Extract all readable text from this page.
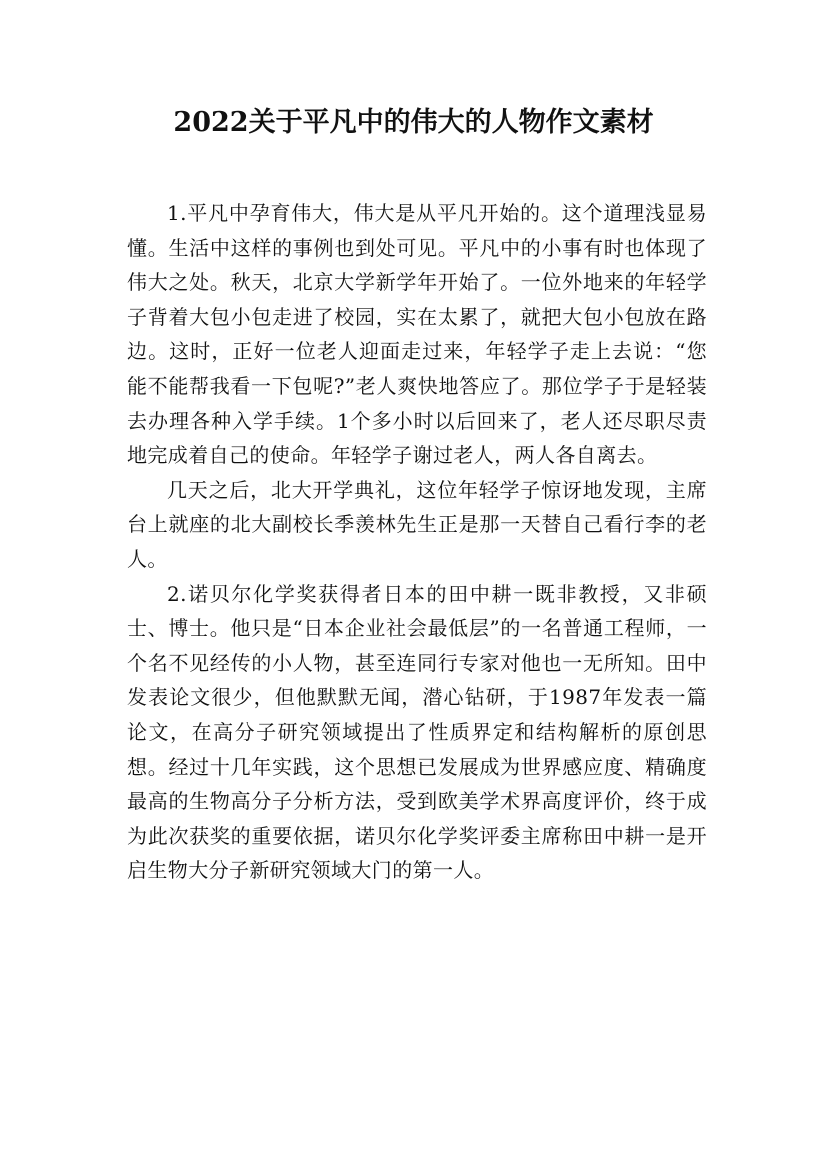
2022关于平凡中的伟大的人物作文素材

1.平凡中孕育伟大，伟大是从平凡开始的。这个道理浅显易懂。生活中这样的事例也到处可见。平凡中的小事有时也体现了伟大之处。秋天，北京大学新学年开始了。一位外地来的年轻学子背着大包小包走进了校园，实在太累了，就把大包小包放在路边。这时，正好一位老人迎面走过来，年轻学子走上去说：“您能不能帮我看一下包呢?”老人爽快地答应了。那位学子于是轻装去办理各种入学手续。1个多小时以后回来了，老人还尽职尽责地完成着自己的使命。年轻学子谢过老人，两人各自离去。

几天之后，北大开学典礼，这位年轻学子惊讶地发现，主席台上就座的北大副校长季羡林先生正是那一天替自己看行李的老人。

2.诺贝尔化学奖获得者日本的田中耕一既非教授，又非硕士、博士。他只是“日本企业社会最低层”的一名普通工程师，一个名不见经传的小人物，甚至连同行专家对他也一无所知。田中发表论文很少，但他默默无闻，潜心钻研，于1987年发表一篇论文，在高分子研究领域提出了性质界定和结构解析的原创思想。经过十几年实践，这个思想已发展成为世界感应度、精确度最高的生物高分子分析方法，受到欧美学术界高度评价，终于成为此次获奖的重要依据，诺贝尔化学奖评委主席称田中耕一是开启生物大分子新研究领域大门的第一人。
